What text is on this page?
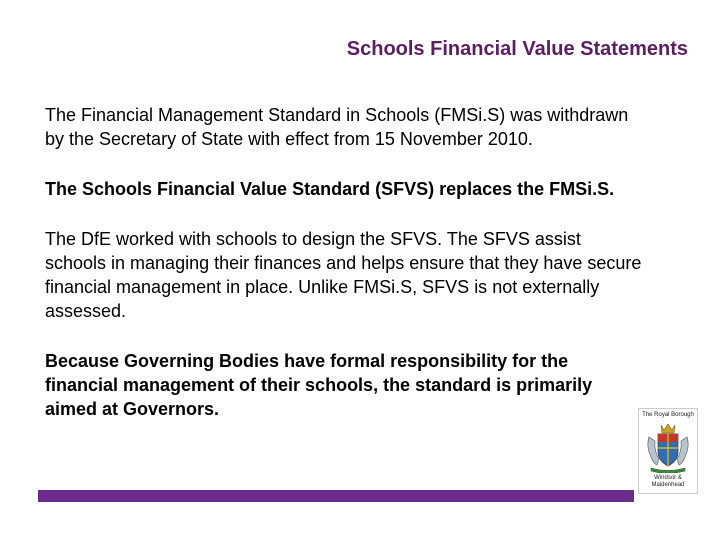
Schools Financial Value Statements

The Financial Management Standard in Schools (FMSi.S) was withdrawn by the Secretary of State with effect from 15 November 2010.

The Schools Financial Value Standard (SFVS) replaces the FMSi.S.

The DfE worked with schools to design the SFVS. The SFVS assist schools in managing their finances and helps ensure that they have secure financial management in place. Unlike FMSi.S, SFVS is not externally assessed.

Because Governing Bodies have formal responsibility for the financial management of their schools, the standard is primarily aimed at Governors.	The Royal Borough
Windsor & Maidenhead
